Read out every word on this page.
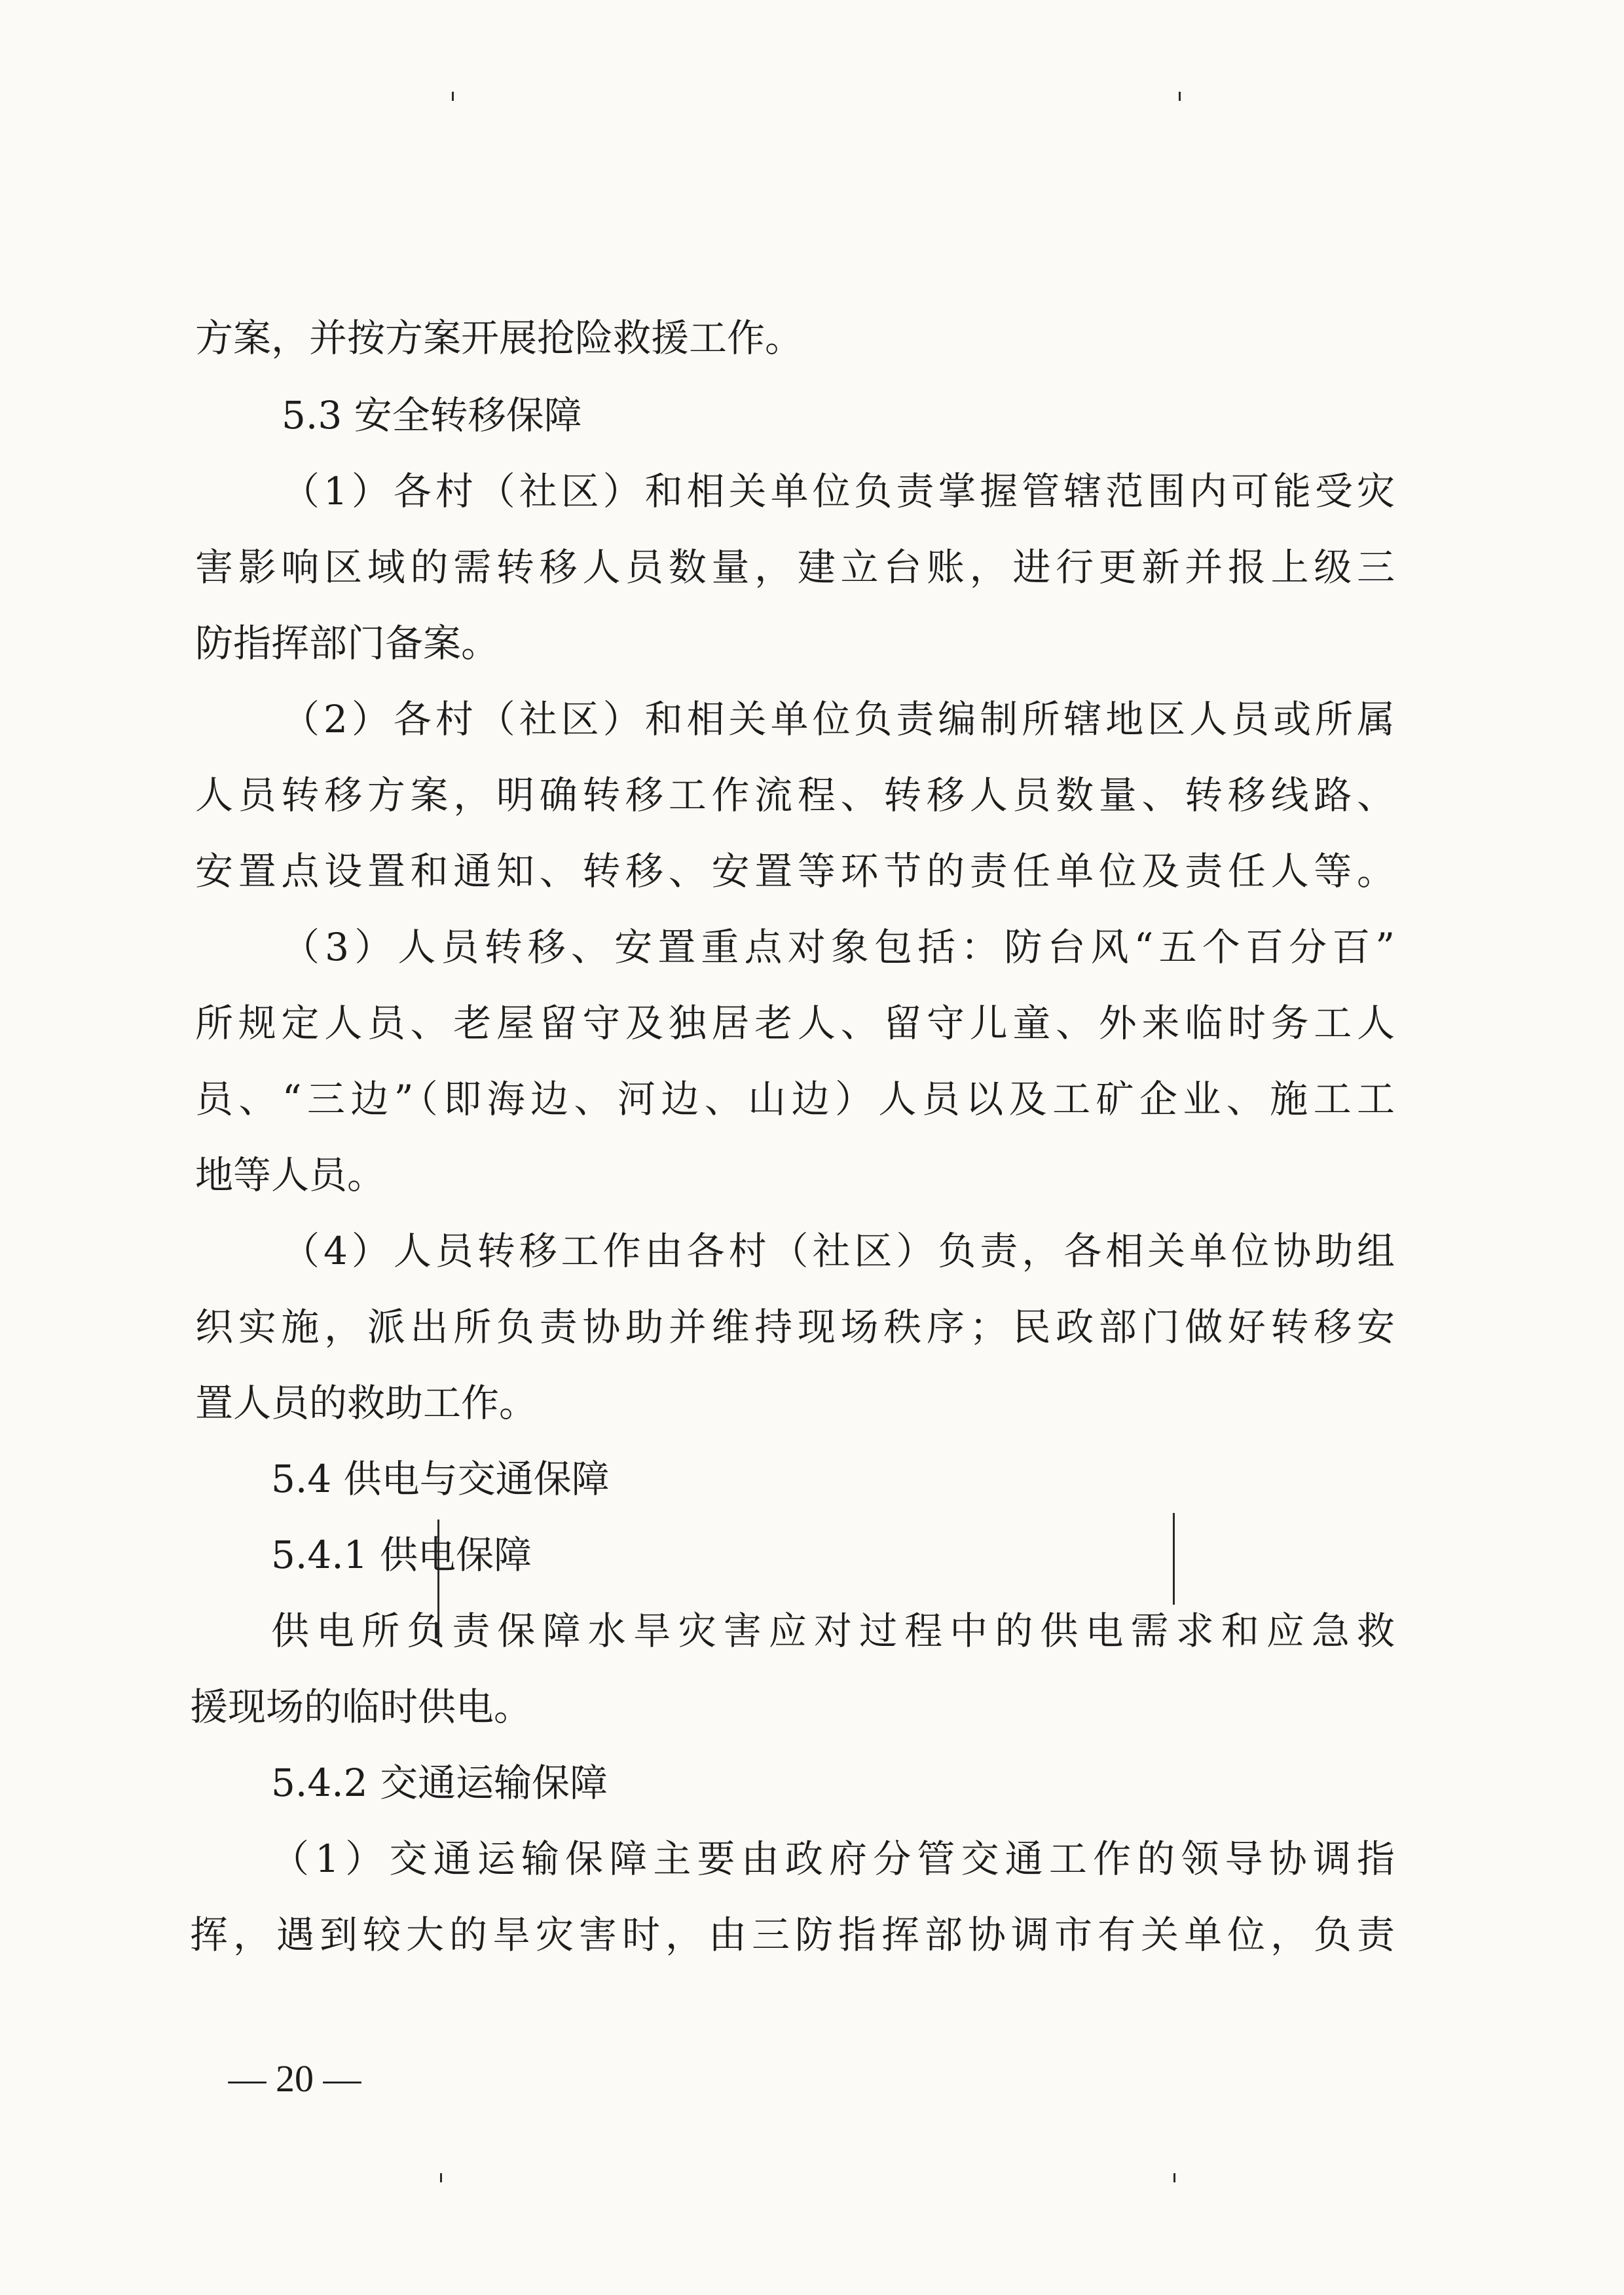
方案，并按方案开展抢险救援工作。
5.3 安全转移保障
（1）各村（社区）和相关单位负责掌握管辖范围内可能受灾
害影响区域的需转移人员数量，建立台账，进行更新并报上级三
防指挥部门备案。
（2）各村（社区）和相关单位负责编制所辖地区人员或所属
人员转移方案，明确转移工作流程、转移人员数量、转移线路、
安置点设置和通知、转移、安置等环节的责任单位及责任人等。
（3）人员转移、安置重点对象包括：防台风“五个百分百”
所规定人员、老屋留守及独居老人、留守儿童、外来临时务工人
员、“三边”（即海边、河边、山边）人员以及工矿企业、施工工
地等人员。
（4）人员转移工作由各村（社区）负责，各相关单位协助组
织实施，派出所负责协助并维持现场秩序；民政部门做好转移安
置人员的救助工作。
5.4 供电与交通保障
5.4.1 供电保障
供电所负责保障水旱灾害应对过程中的供电需求和应急救
援现场的临时供电。
5.4.2 交通运输保障
（1）交通运输保障主要由政府分管交通工作的领导协调指
挥，遇到较大的旱灾害时，由三防指挥部协调市有关单位，负责
— 20 —
